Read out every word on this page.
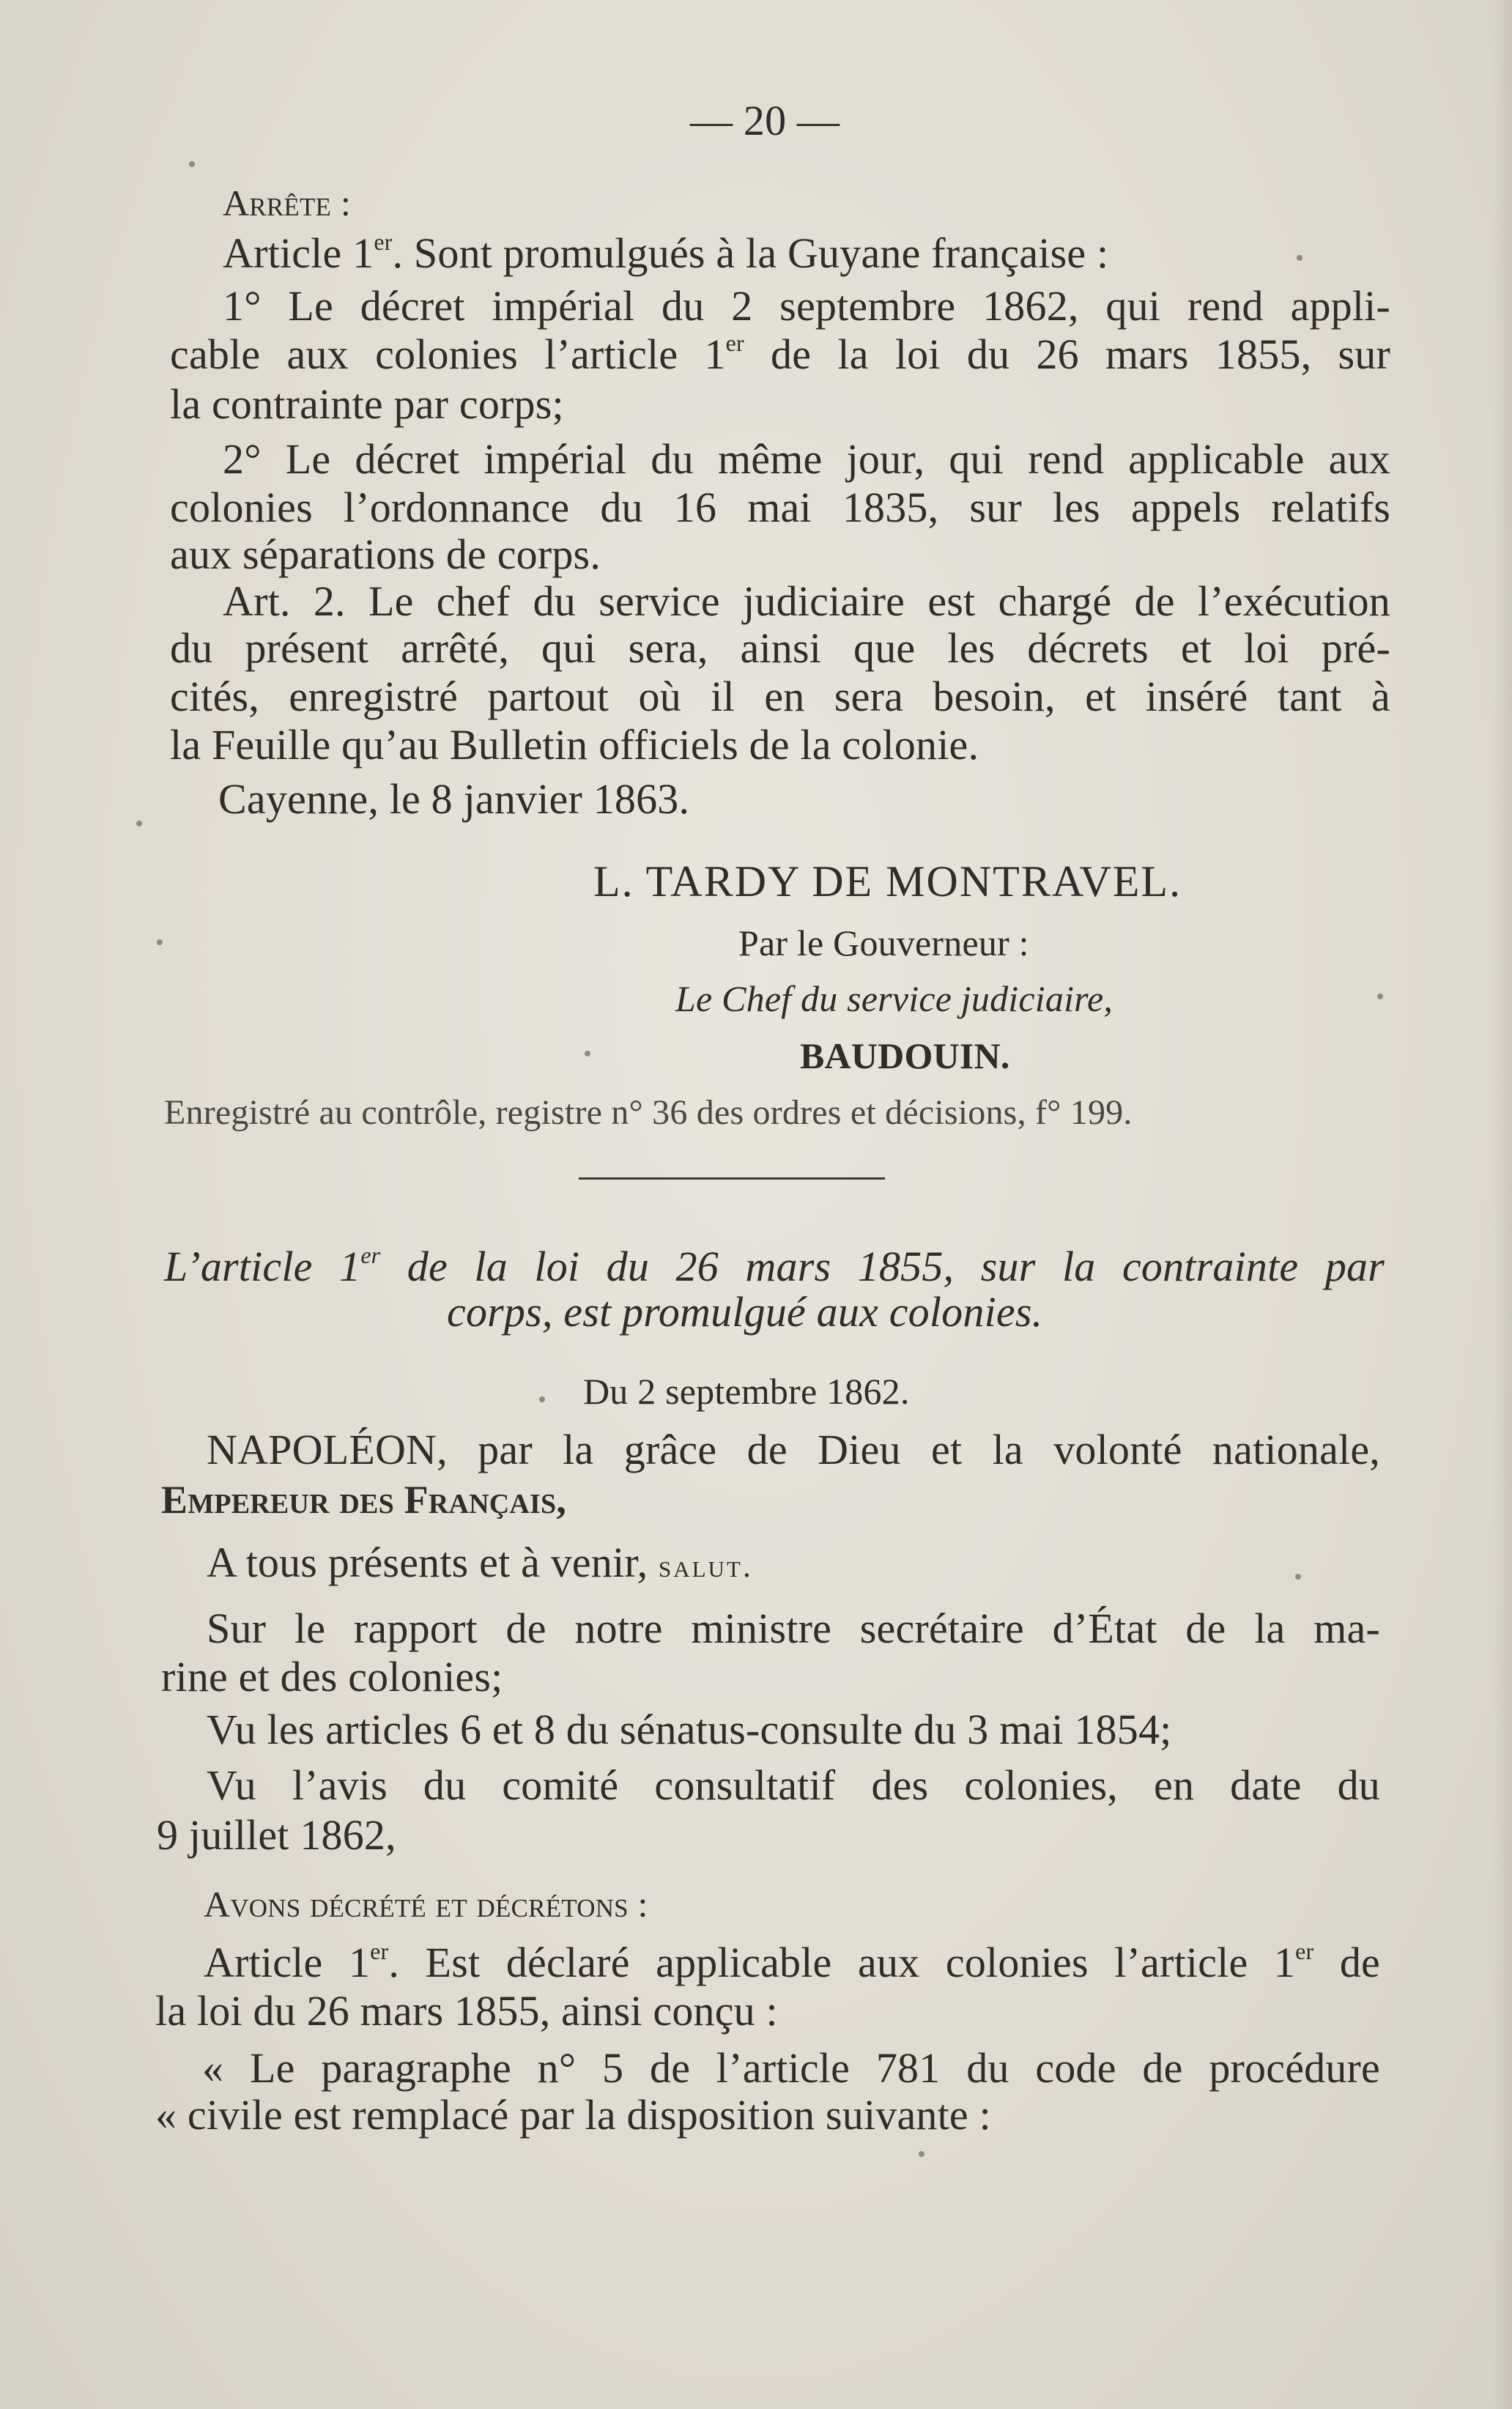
— 20 —
Arrête :
Article 1er. Sont promulgués à la Guyane française :
1° Le décret impérial du 2 septembre 1862, qui rend appli-
cable aux colonies l’article 1er de la loi du 26 mars 1855, sur
la contrainte par corps;
2° Le décret impérial du même jour, qui rend applicable aux
colonies l’ordonnance du 16 mai 1835, sur les appels relatifs
aux séparations de corps.
Art. 2. Le chef du service judiciaire est chargé de l’exécution
du présent arrêté, qui sera, ainsi que les décrets et loi pré-
cités, enregistré partout où il en sera besoin, et inséré tant à
la Feuille qu’au Bulletin officiels de la colonie.
Cayenne, le 8 janvier 1863.
L. TARDY DE MONTRAVEL.
Par le Gouverneur :
Le Chef du service judiciaire,
BAUDOUIN.
Enregistré au contrôle, registre n° 36 des ordres et décisions, f° 199.
L’article 1er de la loi du 26 mars 1855, sur la contrainte par
corps, est promulgué aux colonies.
Du 2 septembre 1862.
NAPOLÉON, par la grâce de Dieu et la volonté nationale,
Empereur des Français,
A tous présents et à venir, salut.
Sur le rapport de notre ministre secrétaire d’État de la ma-
rine et des colonies;
Vu les articles 6 et 8 du sénatus-consulte du 3 mai 1854;
Vu l’avis du comité consultatif des colonies, en date du
9 juillet 1862,
Avons décrété et décrétons :
Article 1er. Est déclaré applicable aux colonies l’article 1er de
la loi du 26 mars 1855, ainsi conçu :
« Le paragraphe n° 5 de l’article 781 du code de procédure
« civile est remplacé par la disposition suivante :
